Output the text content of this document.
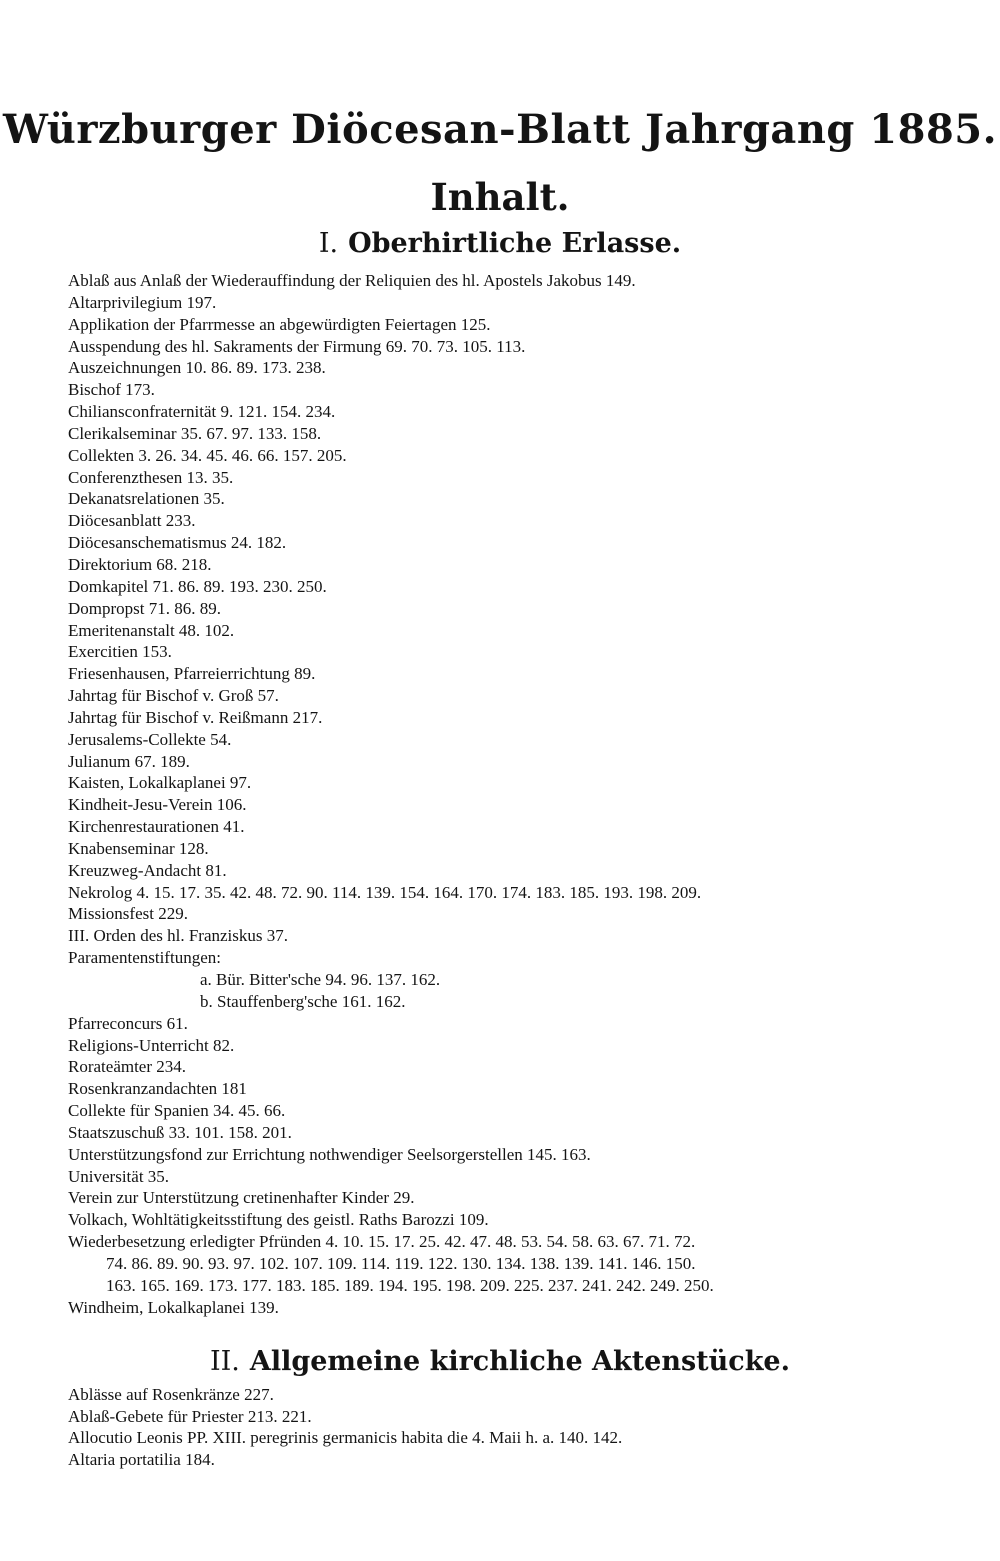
Würzburger Diöcesan-Blatt Jahrgang 1885.
Inhalt.
I. Oberhirtliche Erlasse.
Ablaß aus Anlaß der Wiederauffindung der Reliquien des hl. Apostels Jakobus 149.
Altarprivilegium 197.
Applikation der Pfarrmesse an abgewürdigten Feiertagen 125.
Ausspendung des hl. Sakraments der Firmung 69. 70. 73. 105. 113.
Auszeichnungen 10. 86. 89. 173. 238.
Bischof 173.
Chiliansconfraternität 9. 121. 154. 234.
Clerikalseminar 35. 67. 97. 133. 158.
Collekten 3. 26. 34. 45. 46. 66. 157. 205.
Conferenzthesen 13. 35.
Dekanatsrelationen 35.
Diöcesanblatt 233.
Diöcesanschematismus 24. 182.
Direktorium 68. 218.
Domkapitel 71. 86. 89. 193. 230. 250.
Dompropst 71. 86. 89.
Emeritenanstalt 48. 102.
Exercitien 153.
Friesenhausen, Pfarreierrichtung 89.
Jahrtag für Bischof v. Groß 57.
Jahrtag für Bischof v. Reißmann 217.
Jerusalems-Collekte 54.
Julianum 67. 189.
Kaisten, Lokalkaplanei 97.
Kindheit-Jesu-Verein 106.
Kirchenrestaurationen 41.
Knabenseminar 128.
Kreuzweg-Andacht 81.
Nekrolog 4. 15. 17. 35. 42. 48. 72. 90. 114. 139. 154. 164. 170. 174. 183. 185. 193. 198. 209.
Missionsfest 229.
III. Orden des hl. Franziskus 37.
Paramentenstiftungen:
a. Bür. Bitter'sche 94. 96. 137. 162.
b. Stauffenberg'sche 161. 162.
Pfarreconcurs 61.
Religions-Unterricht 82.
Rorateämter 234.
Rosenkranzandachten 181
Collekte für Spanien 34. 45. 66.
Staatszuschuß 33. 101. 158. 201.
Unterstützungsfond zur Errichtung nothwendiger Seelsorgerstellen 145. 163.
Universität 35.
Verein zur Unterstützung cretinenhafter Kinder 29.
Volkach, Wohltätigkeitsstiftung des geistl. Raths Barozzi 109.
Wiederbesetzung erledigter Pfründen 4. 10. 15. 17. 25. 42. 47. 48. 53. 54. 58. 63. 67. 71. 72.
74. 86. 89. 90. 93. 97. 102. 107. 109. 114. 119. 122. 130. 134. 138. 139. 141. 146. 150.
163. 165. 169. 173. 177. 183. 185. 189. 194. 195. 198. 209. 225. 237. 241. 242. 249. 250.
Windheim, Lokalkaplanei 139.
II. Allgemeine kirchliche Aktenstücke.
Ablässe auf Rosenkränze 227.
Ablaß-Gebete für Priester 213. 221.
Allocutio Leonis PP. XIII. peregrinis germanicis habita die 4. Maii h. a. 140. 142.
Altaria portatilia 184.
